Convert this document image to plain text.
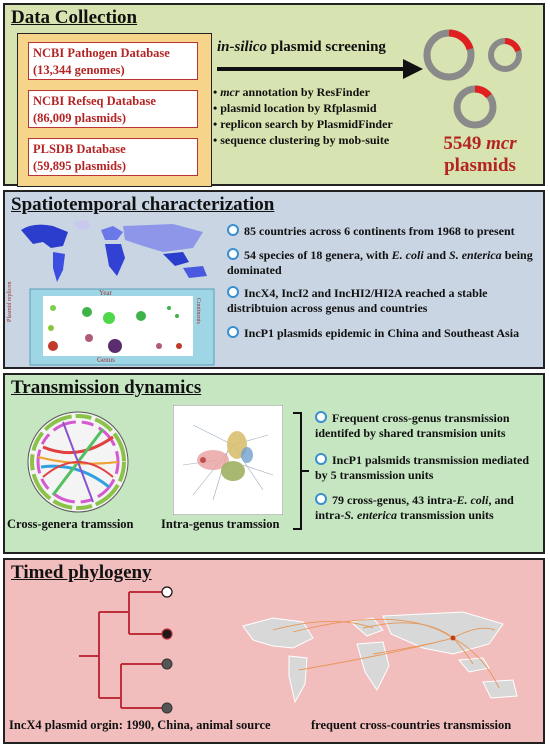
Data Collection
NCBI Pathogen Database
(13,344 genomes)
NCBI Refseq Database
(86,009 plasmids)
PLSDB Database
(59,895 plasmids)
in-silico plasmid screening
• mcr annotation by ResFinder
• plasmid location by Rfplasmid
• replicon search by PlasmidFinder
• sequence clustering by mob-suite	5549 mcr
plasmids
Spatiotemporal characterization
Year
Genus
Plasmid replicon	Continents
85 countries across 6 continents from 1968 to present
54 species of 18 genera, with E. coli and S. enterica being dominated
IncX4, IncI2 and IncHI2/HI2A reached a stable distribtuion across genus and countries
IncP1 plasmids epidemic in China and Southeast Asia
Transmission dynamics
Cross-genera tramssion Intra-genus tramssion
Frequent cross-genus transmission identifed by shared transmision units
IncP1 palsmids transmission mediated by 5 transmission units
79 cross-genus, 43 intra-E. coli, and intra-S. enterica transmission units
Timed phylogeny
IncX4 plasmid orgin: 1990, China, animal source	frequent cross-countries transmission
